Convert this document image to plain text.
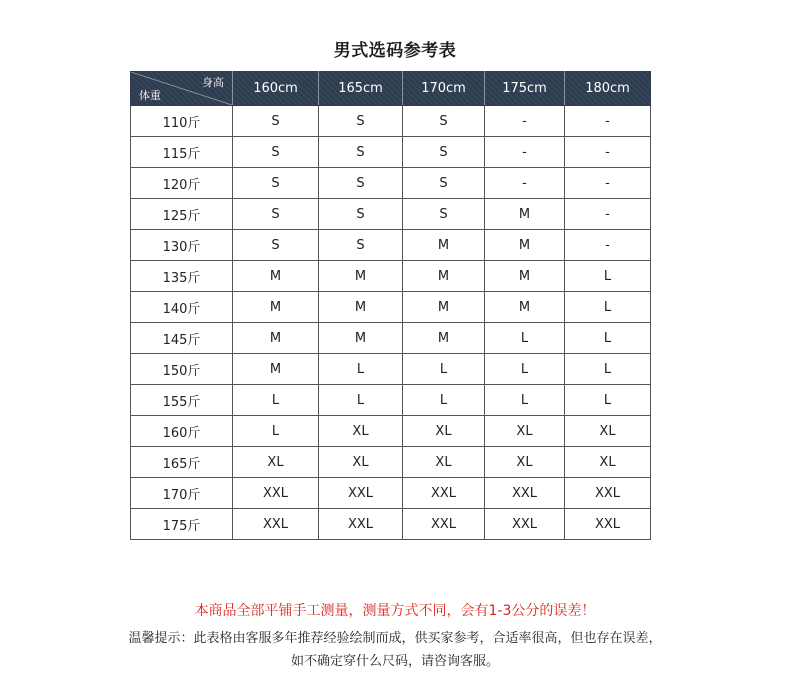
男式选码参考表
身高
体重	160cm	165cm	170cm	175cm	180cm
110斤	S	S	S	-	-
115斤	S	S	S	-	-
120斤	S	S	S	-	-
125斤	S	S	S	M	-
130斤	S	S	M	M	-
135斤	M	M	M	M	L
140斤	M	M	M	M	L
145斤	M	M	M	L	L
150斤	M	L	L	L	L
155斤	L	L	L	L	L
160斤	L	XL	XL	XL	XL
165斤	XL	XL	XL	XL	XL
170斤	XXL	XXL	XXL	XXL	XXL
175斤	XXL	XXL	XXL	XXL	XXL
本商品全部平铺手工测量，测量方式不同，会有1-3公分的误差！
温馨提示：此表格由客服多年推荐经验绘制而成，供买家参考，合适率很高，但也存在误差，
如不确定穿什么尺码，请咨询客服。
